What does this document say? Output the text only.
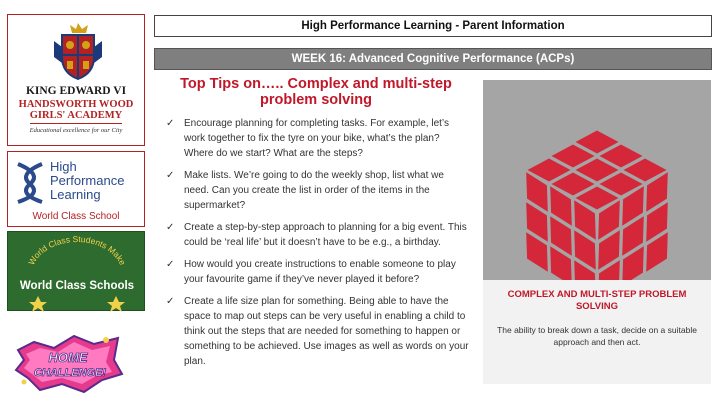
KING EDWARD VI
HANDSWORTH WOOD
GIRLS' ACADEMY
Educational excellence for our City
High
Performance
Learning
World Class School
World Class Students Make
World Class Schools
HOME
CHALLENGE!
High Performance Learning - Parent Information
WEEK 16: Advanced Cognitive Performance (ACPs)
Top Tips on….. Complex and multi-step problem solving
✓ Encourage planning for completing tasks. For example, let’s work together to fix the tyre on your bike, what’s the plan? Where do we start? What are the steps?
✓ Make lists. We’re going to do the weekly shop, list what we need. Can you create the list in order of the items in the supermarket?
✓ Create a step-by-step approach to planning for a big event. This could be ‘real life’ but it doesn’t have to be e.g., a birthday.
✓ How would you create instructions to enable someone to play your favourite game if they’ve never played it before?
✓ Create a life size plan for something. Being able to have the space to map out steps can be very useful in enabling a child to think out the steps that are needed for something to happen or something to be achieved. Use images as well as words on your plan.
COMPLEX AND MULTI-STEP PROBLEM SOLVING
The ability to break down a task, decide on a suitable approach and then act.
